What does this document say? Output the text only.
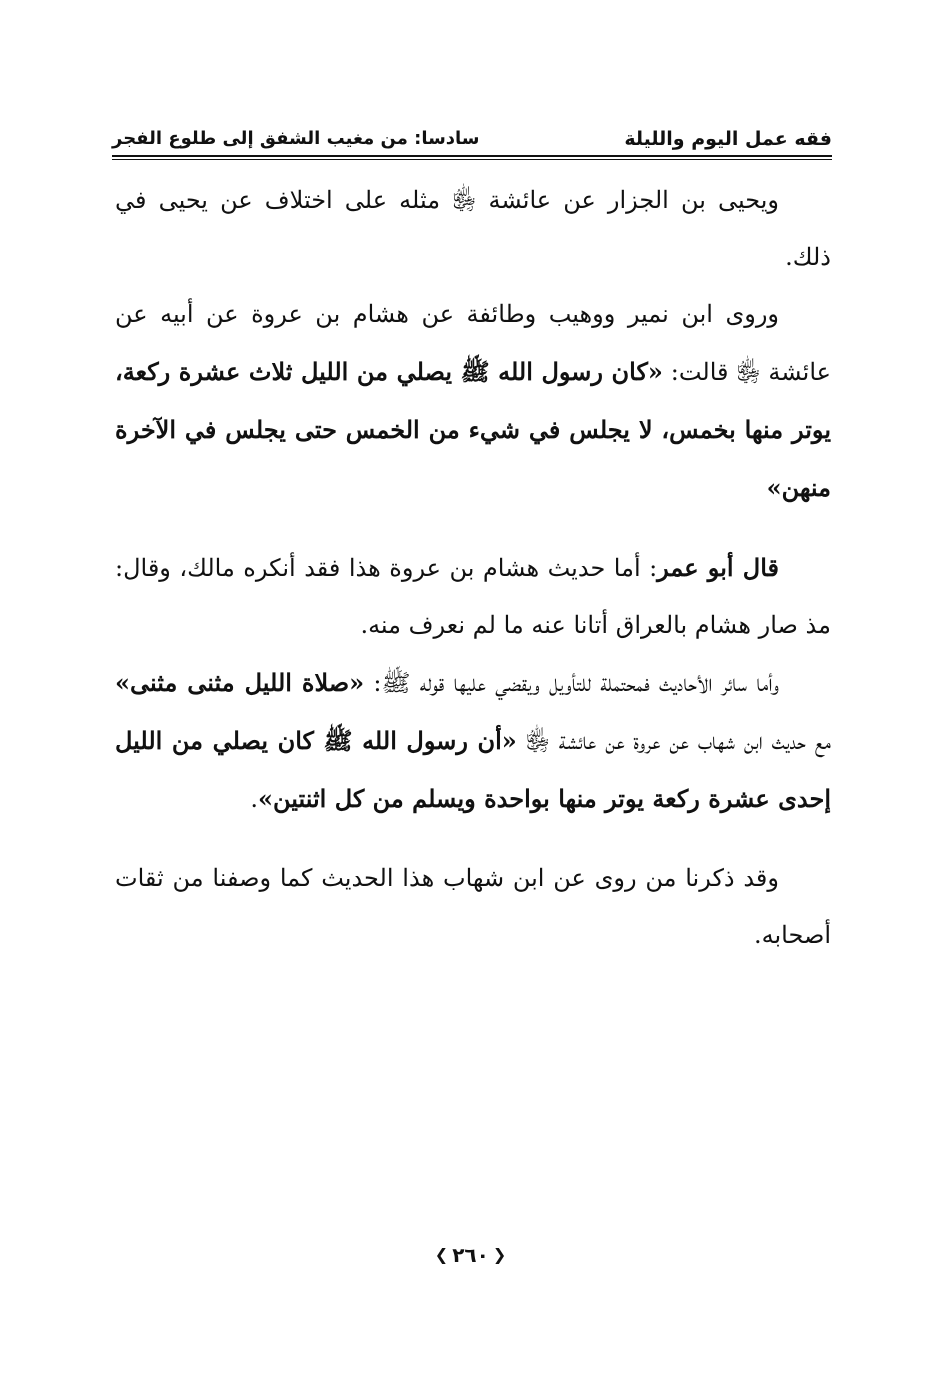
فقه عمل اليوم والليلة
سادسا: من مغيب الشفق إلى طلوع الفجر

ويحيى بن الجزار عن عائشة ﵂ مثله على اختلاف عن يحيى في ذلك.

وروى ابن نمير ووهيب وطائفة عن هشام بن عروة عن أبيه عن عائشة ﵂ قالت: «كان رسول الله ﷺ يصلي من الليل ثلاث عشرة ركعة، يوتر منها بخمس، لا يجلس في شيء من الخمس حتى يجلس في الآخرة منهن»

قال أبو عمر: أما حديث هشام بن عروة هذا فقد أنكره مالك، وقال: مذ صار هشام بالعراق أتانا عنه ما لم نعرف منه.

وأما سائر الأحاديث فمحتملة للتأويل ويقضي عليها قوله ﷺ: «صلاة الليل مثنى مثنى» مع حديث ابن شهاب عن عروة عن عائشة ﵂ «أن رسول الله ﷺ كان يصلي من الليل إحدى عشرة ركعة يوتر منها بواحدة ويسلم من كل اثنتين».

وقد ذكرنا من روى عن ابن شهاب هذا الحديث كما وصفنا من ثقات أصحابه.

❮٢٦٠❯
